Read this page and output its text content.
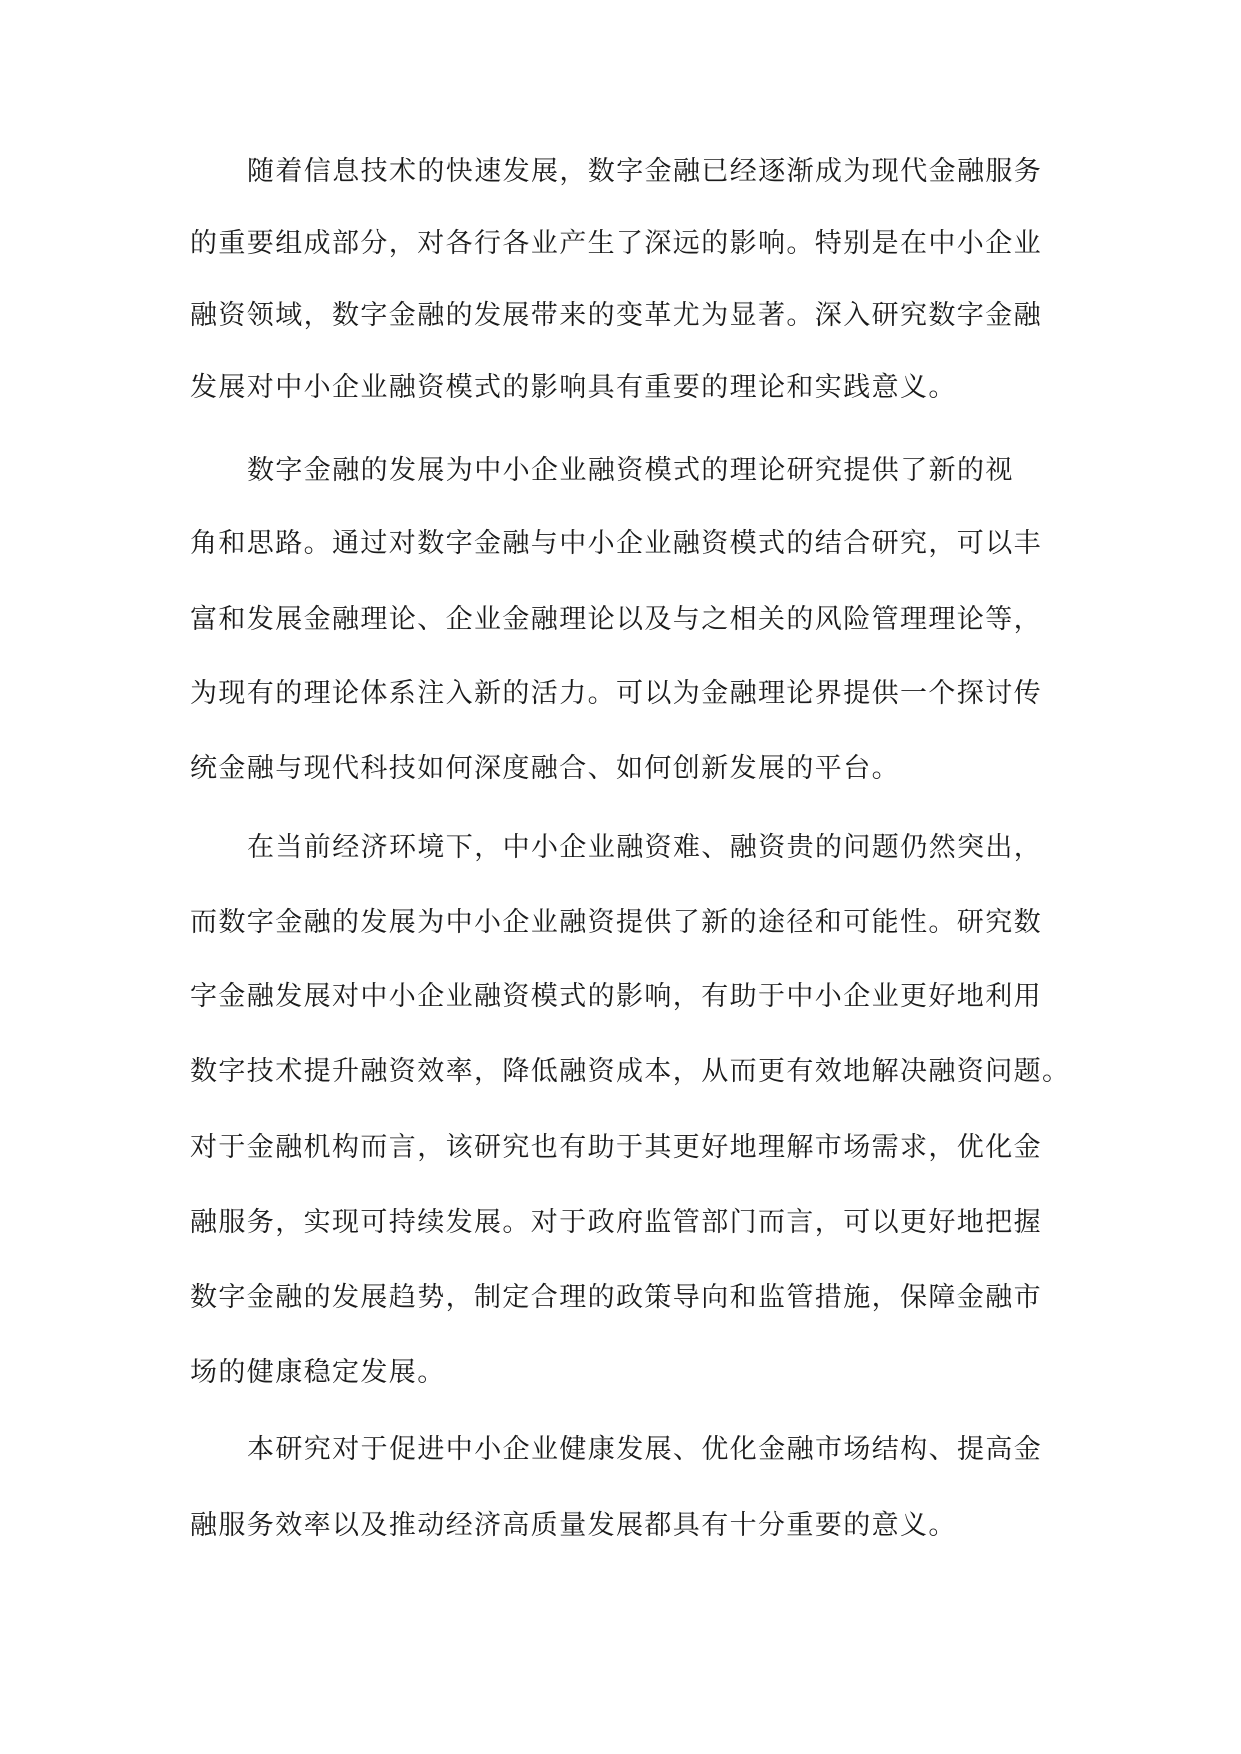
随着信息技术的快速发展，数字金融已经逐渐成为现代金融服务

的重要组成部分，对各行各业产生了深远的影响。特别是在中小企业

融资领域，数字金融的发展带来的变革尤为显著。深入研究数字金融

发展对中小企业融资模式的影响具有重要的理论和实践意义。

数字金融的发展为中小企业融资模式的理论研究提供了新的视

角和思路。通过对数字金融与中小企业融资模式的结合研究，可以丰

富和发展金融理论、企业金融理论以及与之相关的风险管理理论等，

为现有的理论体系注入新的活力。可以为金融理论界提供一个探讨传

统金融与现代科技如何深度融合、如何创新发展的平台。

在当前经济环境下，中小企业融资难、融资贵的问题仍然突出，

而数字金融的发展为中小企业融资提供了新的途径和可能性。研究数

字金融发展对中小企业融资模式的影响，有助于中小企业更好地利用

数字技术提升融资效率，降低融资成本，从而更有效地解决融资问题。

对于金融机构而言，该研究也有助于其更好地理解市场需求，优化金

融服务，实现可持续发展。对于政府监管部门而言，可以更好地把握

数字金融的发展趋势，制定合理的政策导向和监管措施，保障金融市

场的健康稳定发展。

本研究对于促进中小企业健康发展、优化金融市场结构、提高金

融服务效率以及推动经济高质量发展都具有十分重要的意义。
